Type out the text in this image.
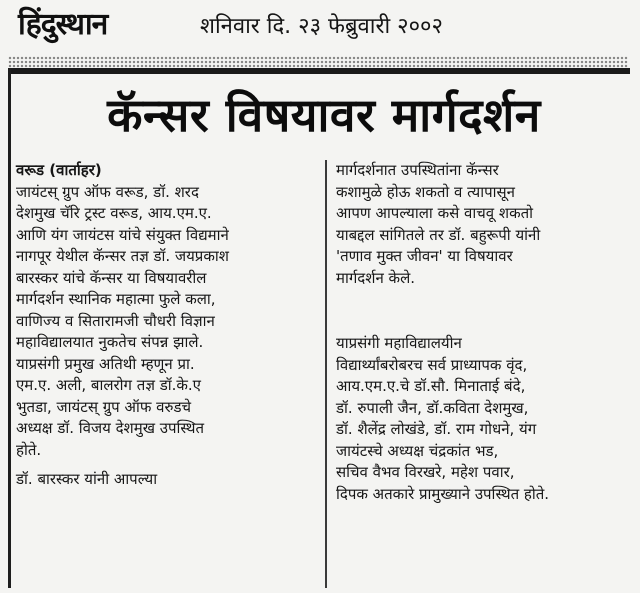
हिंदुस्थान	शनिवार दि. २३ फेब्रुवारी २००२
कॅन्सर विषयावर मार्गदर्शन

वरूड (वार्ताहर)

जायंटस् ग्रुप ऑफ वरूड, डॉ. शरद
देशमुख चॅरि ट्रस्ट वरूड, आय.एम.ए.
आणि यंग जायंटस यांचे संयुक्त विद्यमाने
नागपूर येथील कॅन्सर तज्ञ डॉ. जयप्रकाश
बारस्कर यांचे कॅन्सर या विषयावरील
मार्गदर्शन स्थानिक महात्मा फुले कला,
वाणिज्य व सितारामजी चौधरी विज्ञान
महाविद्यालयात नुकतेच संपन्न झाले.

याप्रसंगी प्रमुख अतिथी म्हणून प्रा.
एम.ए. अली, बालरोग तज्ञ डॉ.के.ए
भुतडा, जायंटस् ग्रुप ऑफ वरुडचे
अध्यक्ष डॉ. विजय देशमुख उपस्थित
होते.

डॉ. बारस्कर यांनी आपल्या

मार्गदर्शनात उपस्थितांना कॅन्सर
कशामुळे होऊ शकतो व त्यापासून
आपण आपल्याला कसे वाचवू शकतो
याबद्दल सांगितले तर डॉ. बहुरूपी यांनी
'तणाव मुक्त जीवन' या विषयावर
मार्गदर्शन केले.

याप्रसंगी महाविद्यालयीन
विद्यार्थ्यांबरोबरच सर्व प्राध्यापक वृंद,
आय.एम.ए.चे डॉ.सौ. मिनाताई बंदे,
डॉ. रुपाली जैन, डॉ.कविता देशमुख,
डॉ. शैलेंद्र लोखंडे, डॉ. राम गोधने, यंग
जायंटस्चे अध्यक्ष चंद्रकांत भड,
सचिव वैभव विरखरे, महेश पवार,
दिपक अतकारे प्रामुख्याने उपस्थित होते.
